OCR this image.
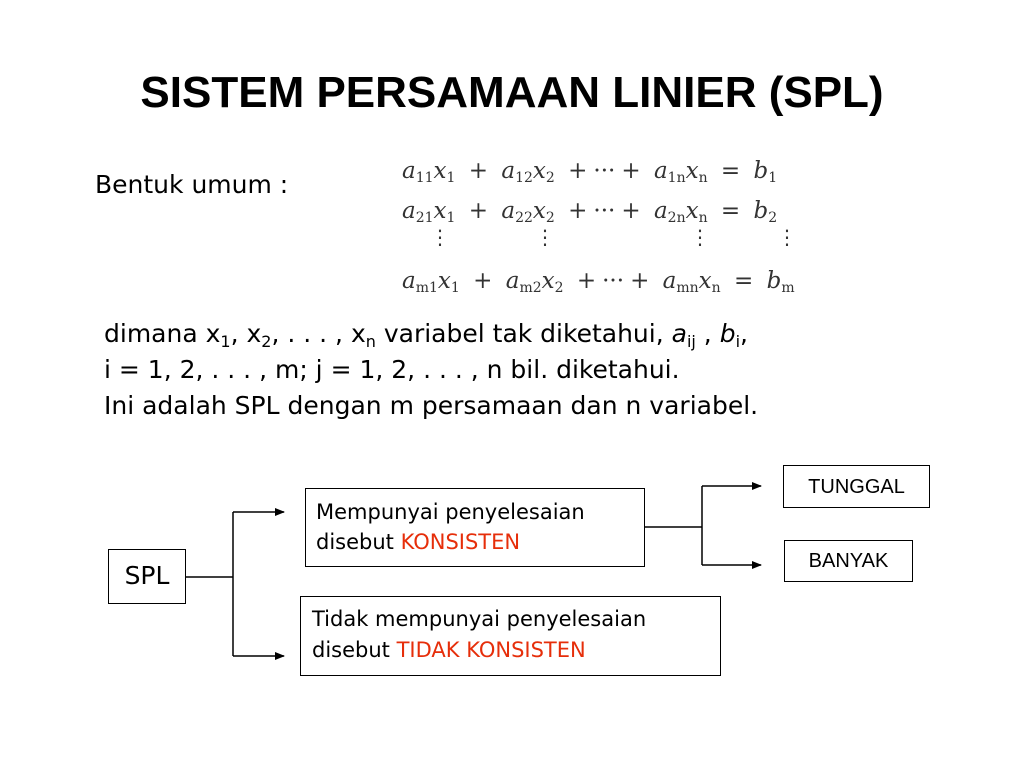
SISTEM PERSAMAAN LINIER (SPL)
Bentuk umum :	$a_{11}x_1 + a_{12}x_2$ + ··· + $a_{1n}x_n = b_1$
$a_{21}x_1 + a_{22}x_2$ + ··· + $a_{2n}x_n = b_2$
⋮	⋮	⋮	⋮
$a_{m1}x_1 + a_{m2}x_2$ + ··· + $a_{mn}x_n = b_m$
dimana $x_1$, $x_2$, . . . , $x_n$ variabel tak diketahui, $a_{ij}$ , $b_i$,
i = 1, 2, . . . , m; j = 1, 2, . . . , n bil. diketahui.
Ini adalah SPL dengan m persamaan dan n variabel.
SPL
Mempunyai penyelesaian
disebut KONSISTEN
Tidak mempunyai penyelesaian
disebut TIDAK KONSISTEN
TUNGGAL
BANYAK
